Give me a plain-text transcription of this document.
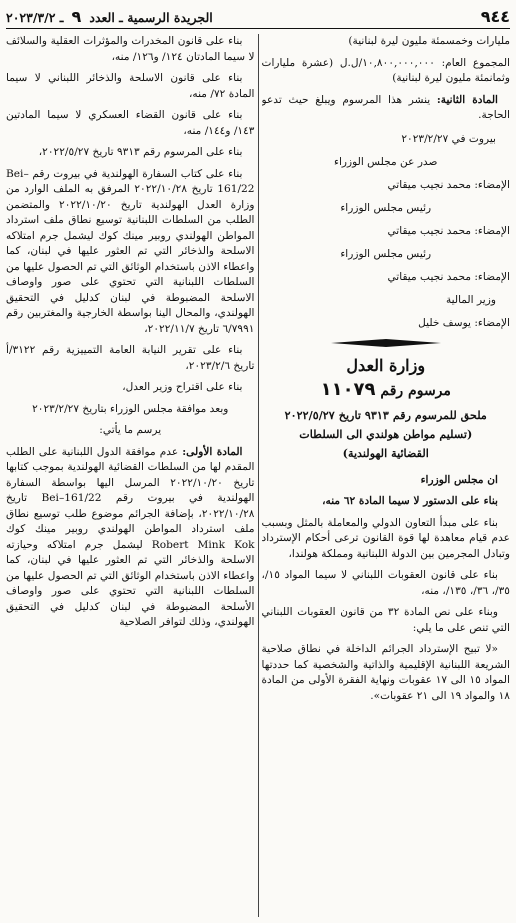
٩٤٤
الجريدة الرسمية ـ العدد ٩ ـ ٢٠٢٣/٣/٢

مليارات وخمسمئة مليون ليرة لبنانية)

المجموع العام: ١٠,٨٠٠,٠٠٠,٠٠٠/ل.ل (عشرة مليارات وثمانمئة مليون ليرة لبنانية)

المادة الثانية: ينشر هذا المرسوم ويبلغ حيث تدعو الحاجة.

بيروت في ٢٠٢٣/٢/٢٧
صدر عن مجلس الوزراء
الإمضاء: محمد نجيب ميقاتي
رئيس مجلس الوزراء
الإمضاء: محمد نجيب ميقاتي
رئيس مجلس الوزراء
الإمضاء: محمد نجيب ميقاتي
وزير المالية
الإمضاء: يوسف خليل
وزارة العدل
مرسوم رقم ١١٠٧٩
ملحق للمرسوم رقم ٩٣١٣ تاريخ ٢٠٢٢/٥/٢٧
(تسليم مواطن هولندي الى السلطات
القضائية الهولندية)

ان مجلس الوزراء

بناء على الدستور لا سيما المادة ٦٢ منه،

بناء على مبدأ التعاون الدولي والمعاملة بالمثل وبسبب عدم قيام معاهدة لها قوة القانون ترعى أحكام الإسترداد وتبادل المجرمين بين الدولة اللبنانية ومملكة هولندا،

بناء على قانون العقوبات اللبناني لا سيما المواد ١٥/، ٣٥/، ٣٦/، ١٣٥/، منه،

وبناء على نص المادة ٣٢ من قانون العقوبات اللبناني التي تنص على ما يلي:

«لا تبيح الإسترداد الجرائم الداخلة في نطاق صلاحية الشريعة اللبنانية الإقليمية والذاتية والشخصية كما حددتها المواد ١٥ الى ١٧ عقوبات ونهاية الفقرة الأولى من المادة ١٨ والمواد ١٩ الى ٢١ عقوبات».

بناء على قانون المخدرات والمؤثرات العقلية والسلائف لا سيما المادتان ١٢٤/ و١٢٦/ منه،

بناء على قانون الاسلحة والذخائر اللبناني لا سيما المادة ٧٢/ منه،

بناء على قانون القضاء العسكري لا سيما المادتين ١٤٣/ و١٤٤/ منه،

بناء على المرسوم رقم ٩٣١٣ تاريخ ٢٠٢٢/٥/٢٧،

بناء على كتاب السفارة الهولندية في بيروت رقم Bei–161/22 تاريخ ٢٠٢٢/١٠/٢٨ المرفق به الملف الوارد من وزارة العدل الهولندية تاريخ ٢٠٢٢/١٠/٢٠ والمتضمن الطلب من السلطات اللبنانية توسيع نطاق ملف استرداد المواطن الهولندي روبير مينك كوك ليشمل جرم امتلاكه الاسلحة والذخائر التي تم العثور عليها في لبنان، كما واعطاء الاذن باستخدام الوثائق التي تم الحصول عليها من السلطات اللبنانية التي تحتوي على صور واوصاف الاسلحة المضبوطة في لبنان كدليل في التحقيق الهولندي، والمحال الينا بواسطة الخارجية والمغتربين رقم ٦/٧٩٩١ تاريخ ٢٠٢٢/١١/٧،

بناء على تقرير النيابة العامة التمييزية رقم ٣١٢٢/أ تاريخ ٢٠٢٣/٢/٦،

بناء على اقتراح وزير العدل،

وبعد موافقة مجلس الوزراء بتاريخ ٢٠٢٣/٢/٢٧

يرسم ما يأتي:

المادة الأولى: عدم موافقة الدول اللبنانية على الطلب المقدم لها من السلطات القضائية الهولندية بموجب كتابها تاريخ ٢٠٢٢/١٠/٢٠ المرسل اليها بواسطة السفارة الهولندية في بيروت رقم Bei–161/22 تاريخ ٢٠٢٢/١٠/٢٨، بإضافة الجرائم موضوع طلب توسيع نطاق ملف استرداد المواطن الهولندي روبير مينك كوك Robert Mink Kok ليشمل جرم امتلاكه وحيازته الاسلحة والذخائر التي تم العثور عليها في لبنان، كما واعطاء الاذن باستخدام الوثائق التي تم الحصول عليها من السلطات اللبنانية التي تحتوي على صور واوصاف الأسلحة المضبوطة في لبنان كدليل في التحقيق الهولندي، وذلك لتوافر الصلاحية
